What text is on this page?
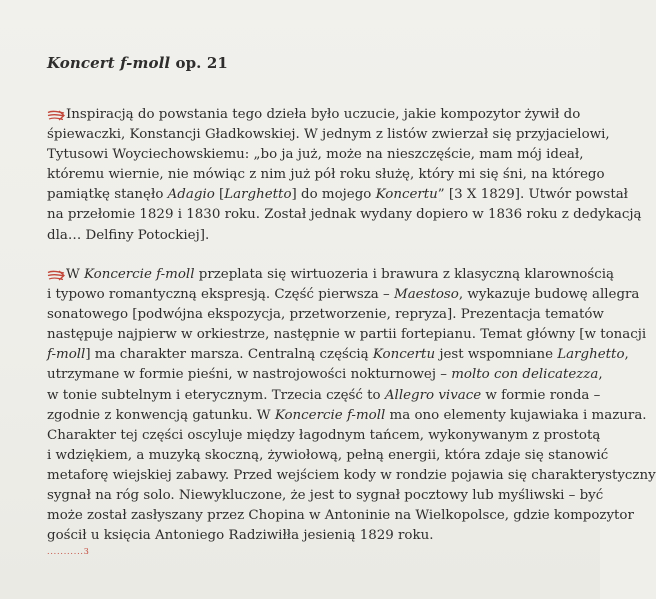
Koncert f-moll op. 21
Inspiracją do powstania tego dzieła było uczucie, jakie kompozytor żywił do
śpiewaczki, Konstancji Gładkowskiej. W jednym z listów zwierzał się przyjacielowi,
Tytusowi Woyciechowskiemu: „bo ja już, może na nieszczęście, mam mój ideał,
któremu wiernie, nie mówiąc z nim już pół roku służę, który mi się śni, na którego
pamiątkę stanęło Adagio [Larghetto] do mojego Koncertu” [3 X 1829]. Utwór powstał
na przełomie 1829 i 1830 roku. Został jednak wydany dopiero w 1836 roku z dedykacją
dla… Delfiny Potockiej].
W Koncercie f-moll przeplata się wirtuozeria i brawura z klasyczną klarownością
i typowo romantyczną ekspresją. Część pierwsza – Maestoso, wykazuje budowę allegra
sonatowego [podwójna ekspozycja, przetworzenie, repryza]. Prezentacja tematów
następuje najpierw w orkiestrze, następnie w partii fortepianu. Temat główny [w tonacji
f-moll] ma charakter marsza. Centralną częścią Koncertu jest wspomniane Larghetto,
utrzymane w formie pieśni, w nastrojowości nokturnowej – molto con delicatezza,
w tonie subtelnym i eterycznym. Trzecia część to Allegro vivace w formie ronda –
zgodnie z konwencją gatunku. W Koncercie f-moll ma ono elementy kujawiaka i mazura.
Charakter tej części oscyluje między łagodnym tańcem, wykonywanym z prostotą
i wdziękiem, a muzyką skoczną, żywiołową, pełną energii, która zdaje się stanowić
metaforę wiejskiej zabawy. Przed wejściem kody w rondzie pojawia się charakterystyczny
sygnał na róg solo. Niewykluczone, że jest to sygnał pocztowy lub myśliwski – być
może został zasłyszany przez Chopina w Antoninie na Wielkopolsce, gdzie kompozytor
gościł u księcia Antoniego Radziwiłła jesienią 1829 roku.
...........3
